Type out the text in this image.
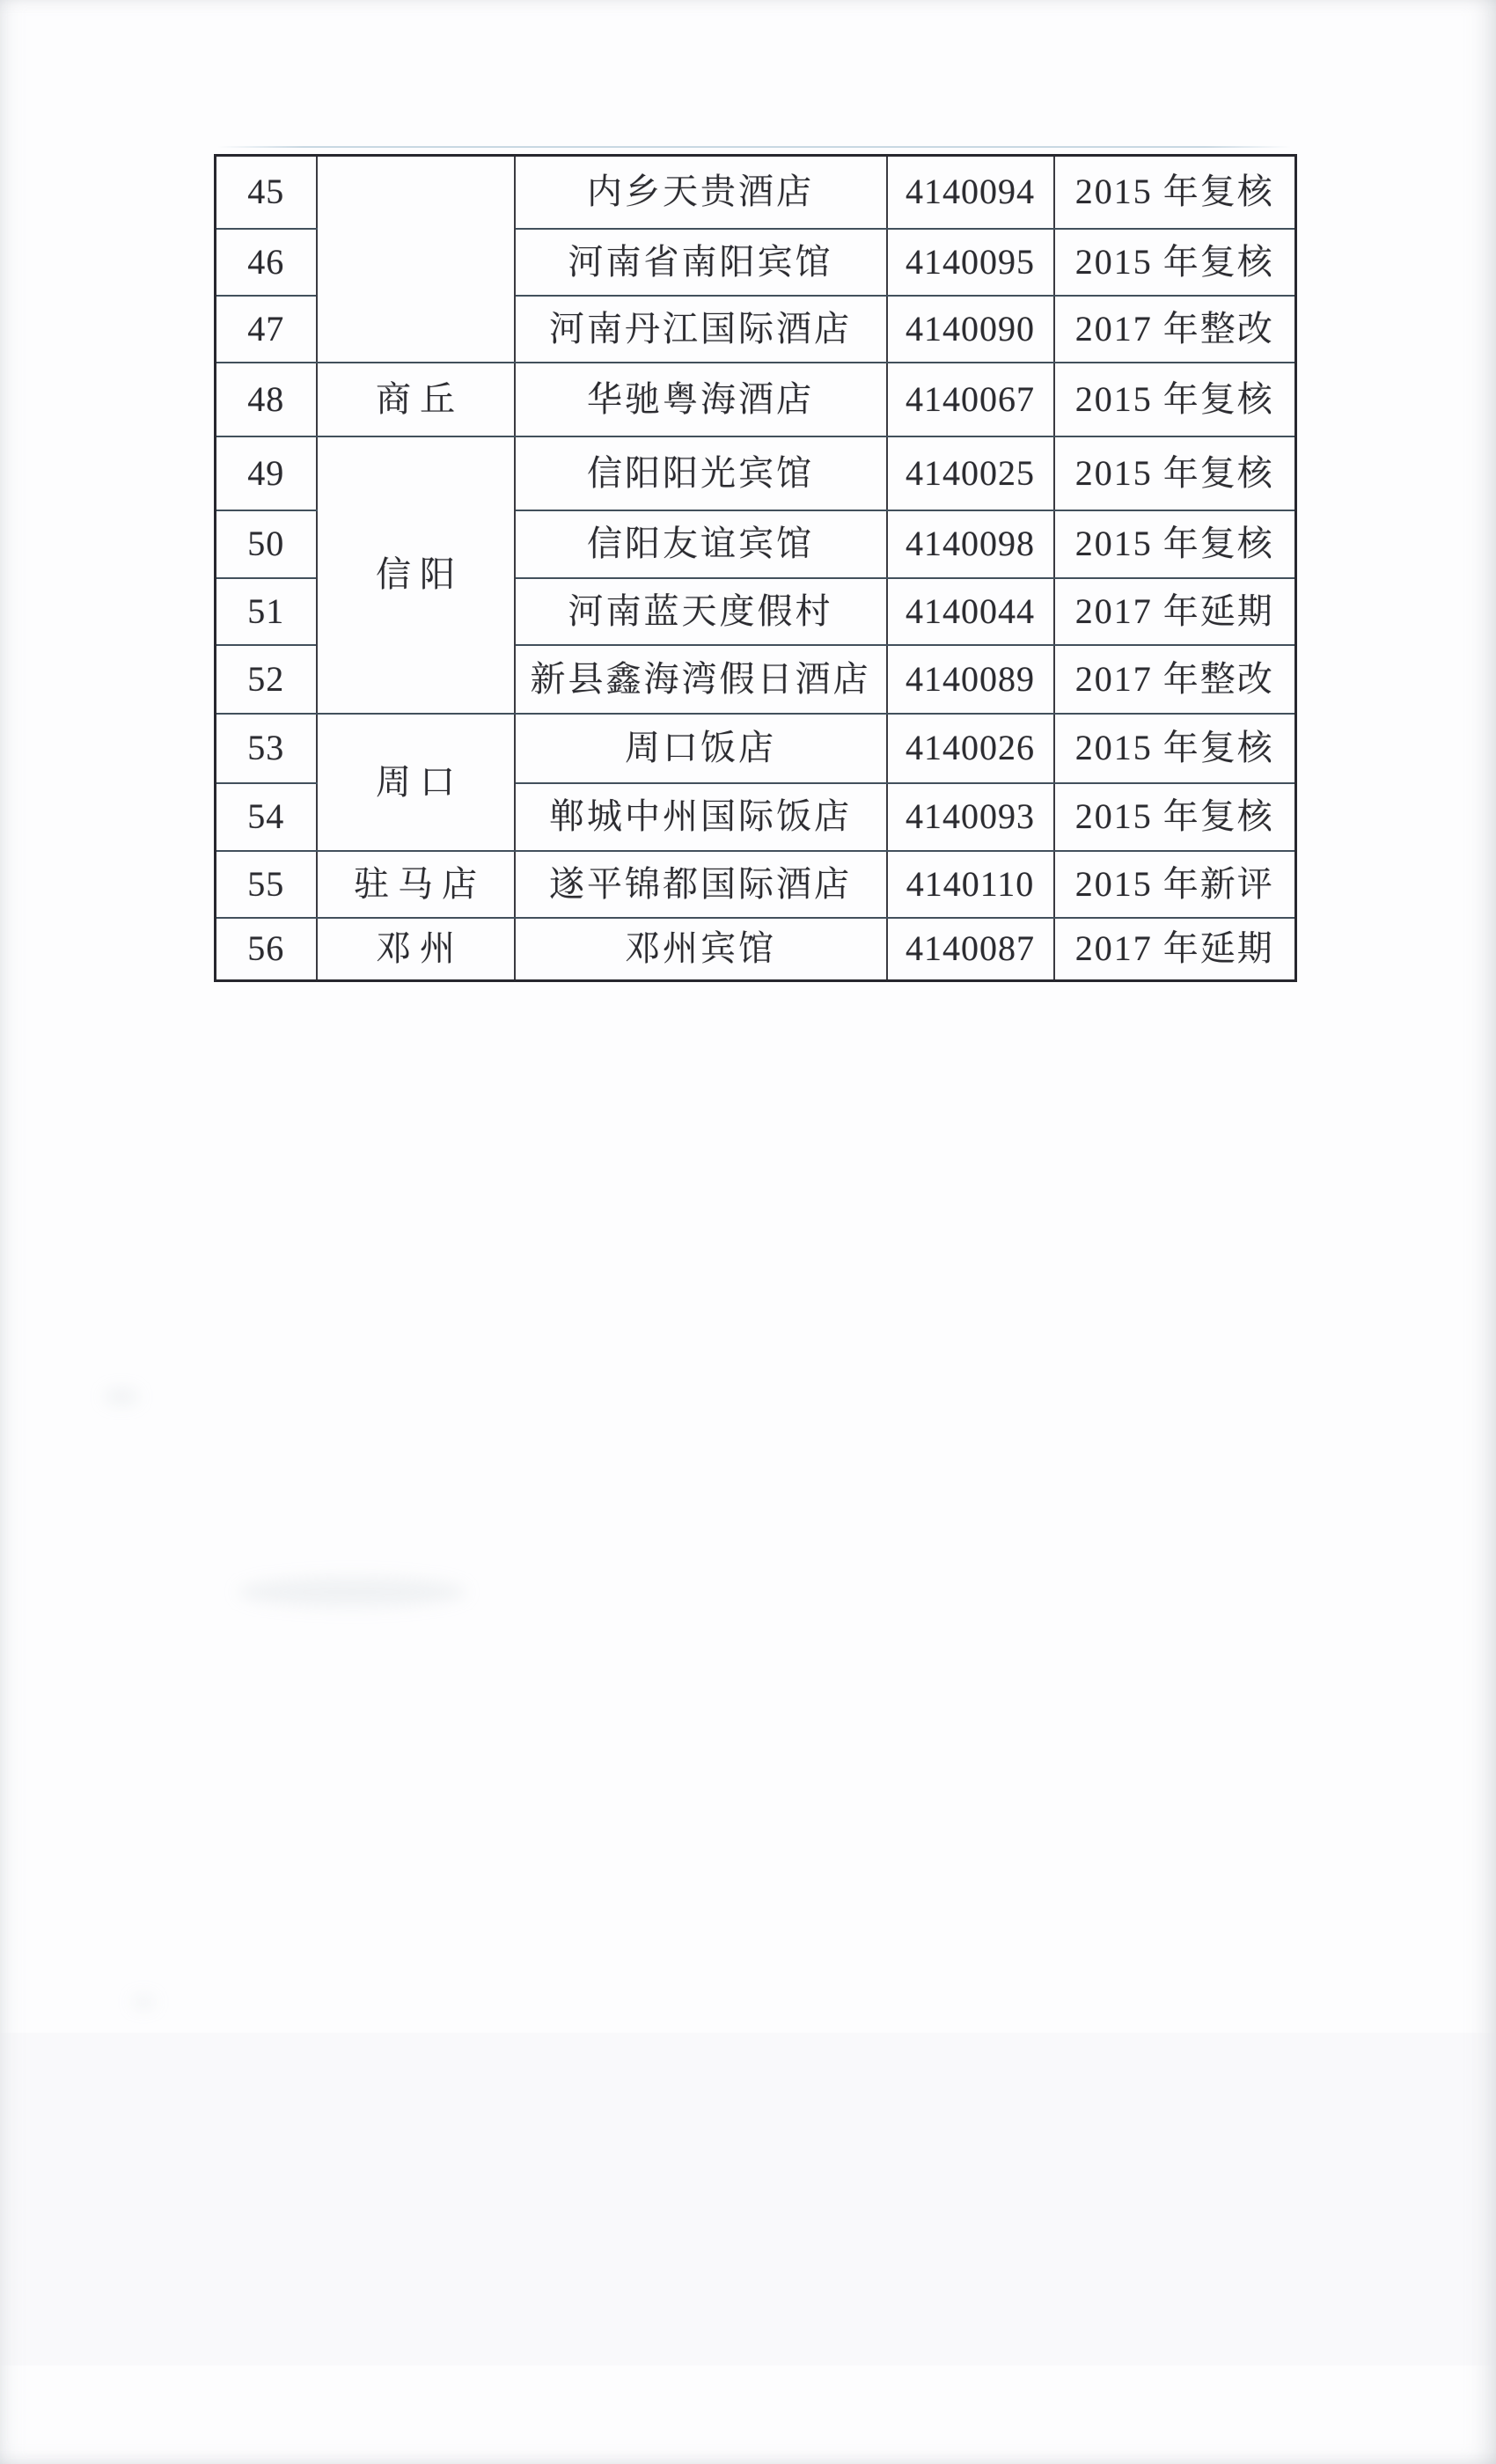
45		内乡天贵酒店	4140094	2015 年复核
46		河南省南阳宾馆	4140095	2015 年复核
47		河南丹江国际酒店	4140090	2017 年整改
48	商丘	华驰粤海酒店	4140067	2015 年复核
49	信阳	信阳阳光宾馆	4140025	2015 年复核
50		信阳友谊宾馆	4140098	2015 年复核
51		河南蓝天度假村	4140044	2017 年延期
52		新县鑫海湾假日酒店	4140089	2017 年整改
53	周口	周口饭店	4140026	2015 年复核
54		郸城中州国际饭店	4140093	2015 年复核
55	驻马店	遂平锦都国际酒店	4140110	2015 年新评
56	邓州	邓州宾馆	4140087	2017 年延期
